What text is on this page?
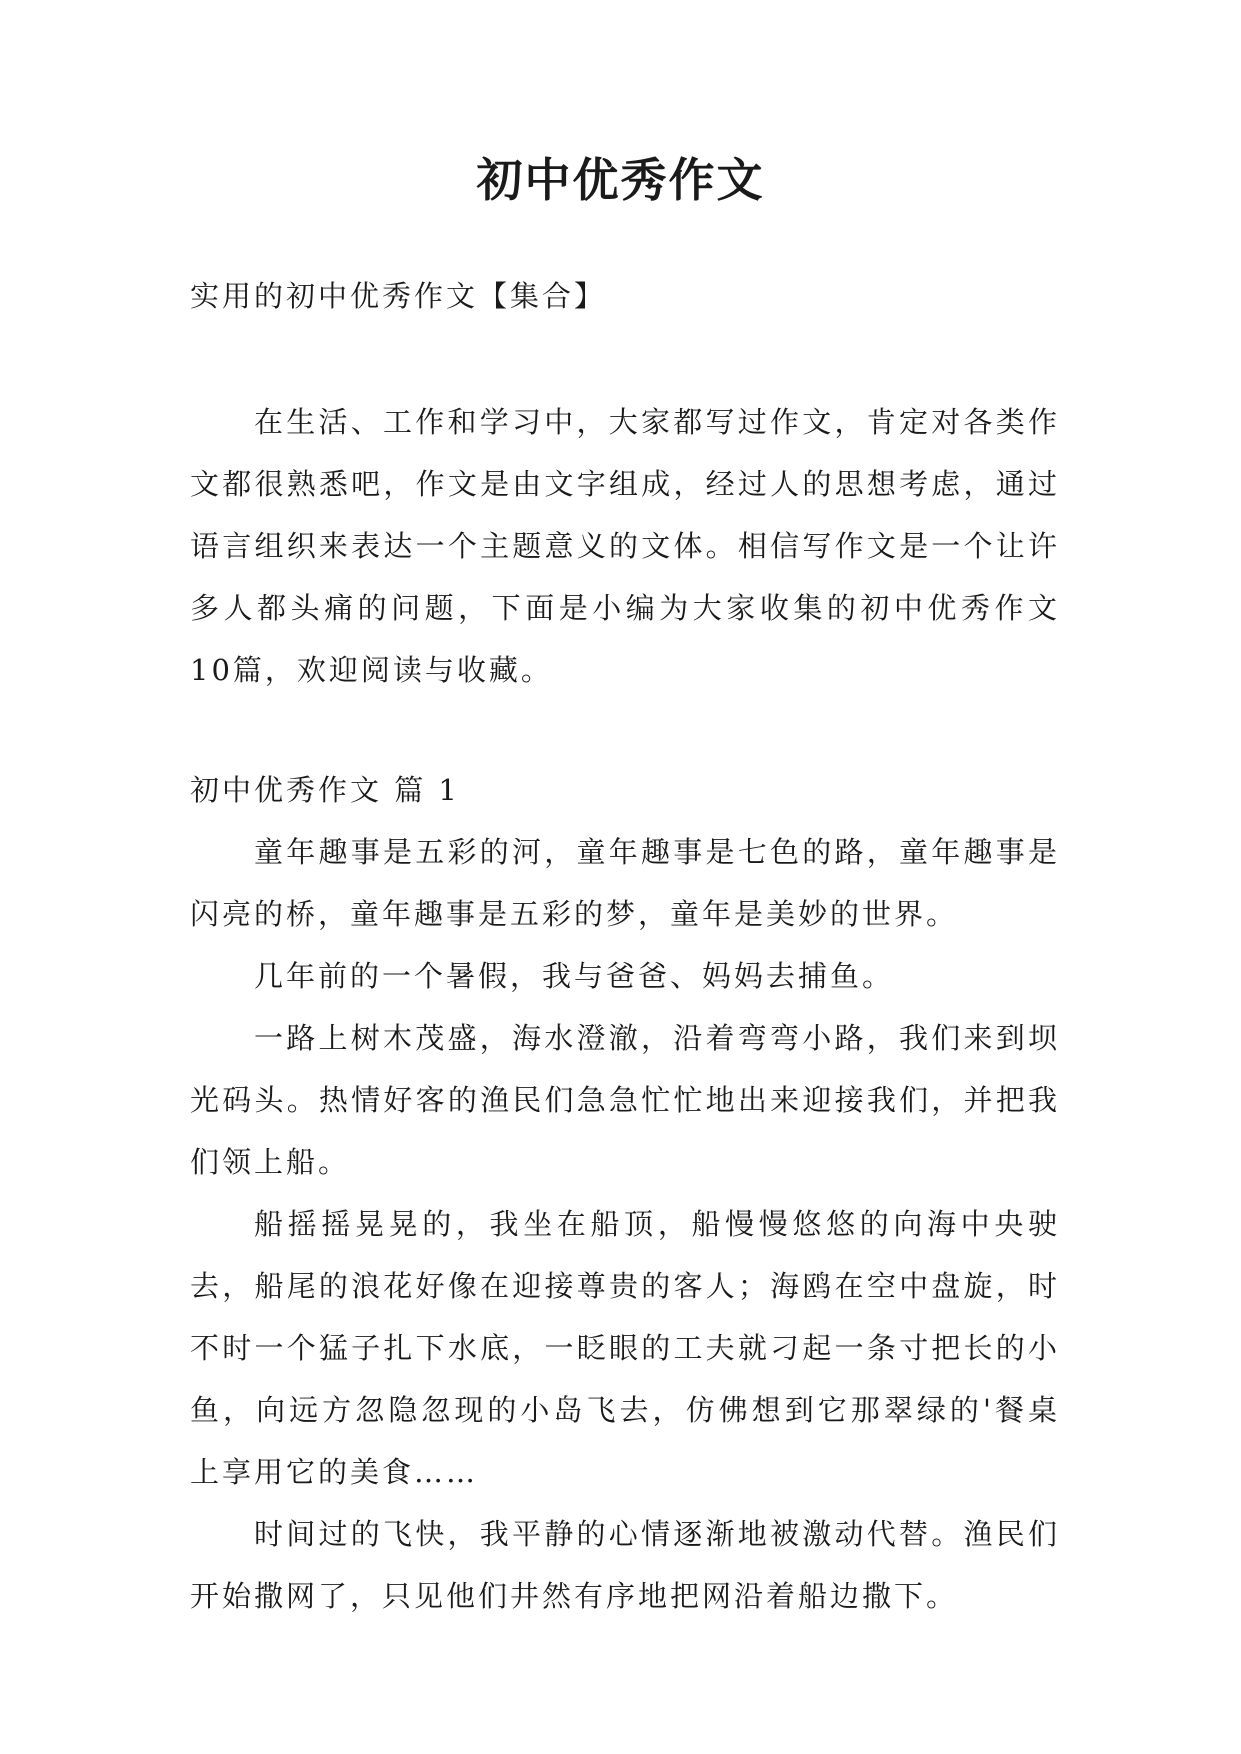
初中优秀作文

实用的初中优秀作文【集合】

在生活、工作和学习中，大家都写过作文，肯定对各类作文都很熟悉吧，作文是由文字组成，经过人的思想考虑，通过语言组织来表达一个主题意义的文体。相信写作文是一个让许多人都头痛的问题，下面是小编为大家收集的初中优秀作文10篇，欢迎阅读与收藏。

初中优秀作文 篇 1

童年趣事是五彩的河，童年趣事是七色的路，童年趣事是闪亮的桥，童年趣事是五彩的梦，童年是美妙的世界。

几年前的一个暑假，我与爸爸、妈妈去捕鱼。

一路上树木茂盛，海水澄澈，沿着弯弯小路，我们来到坝光码头。热情好客的渔民们急急忙忙地出来迎接我们，并把我们领上船。

船摇摇晃晃的，我坐在船顶，船慢慢悠悠的向海中央驶去，船尾的浪花好像在迎接尊贵的客人；海鸥在空中盘旋，时不时一个猛子扎下水底，一眨眼的工夫就刁起一条寸把长的小鱼，向远方忽隐忽现的小岛飞去，仿佛想到它那翠绿的'餐桌上享用它的美食……

时间过的飞快，我平静的心情逐渐地被激动代替。渔民们开始撒网了，只见他们井然有序地把网沿着船边撒下。
